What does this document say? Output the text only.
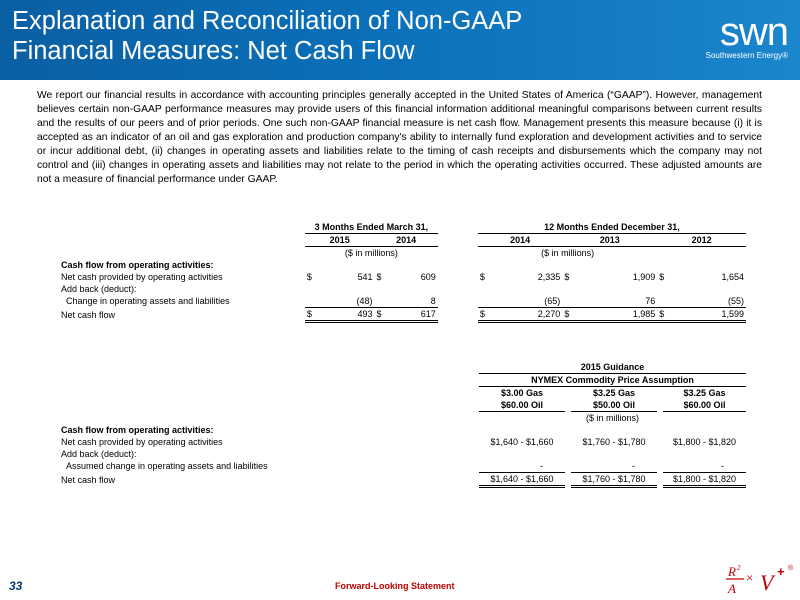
Explanation and Reconciliation of Non-GAAP
Financial Measures: Net Cash Flow	swn
Southwestern Energy®
We report our financial results in accordance with accounting principles generally accepted in the United States of America (“GAAP”). However, management believes certain non-GAAP performance measures may provide users of this financial information additional meaningful comparisons between current results and the results of our peers and of prior periods. One such non-GAAP financial measure is net cash flow. Management presents this measure because (i) it is accepted as an indicator of an oil and gas exploration and production company's ability to internally fund exploration and development activities and to service or incur additional debt, (ii) changes in operating assets and liabilities relate to the timing of cash receipts and disbursements which the company may not control and (iii) changes in operating assets and liabilities may not relate to the period in which the operating activities occurred. These adjusted amounts are not a measure of financial performance under GAAP.
	3 Months Ended March 31,					12 Months Ended December 31,					
	2015		2014			2014		2013		2012	
	($ in millions)					($ in millions)					
Cash flow from operating activities:											
Net cash provided by operating activities	$	541	$	609		$	2,335	$	1,909	$	1,654
Add back (deduct):											
Change in operating assets and liabilities		(48)		8			(65)		76		(55)
Net cash flow	$	493	$	617		$	2,270	$	1,985	$	1,599
	2015 Guidance				
	NYMEX Commodity Price Assumption				
	$3.00 Gas		$3.25 Gas		$3.25 Gas
	$60.00 Oil		$50.00 Oil		$60.00 Oil
	($ in millions)				
Cash flow from operating activities:					
Net cash provided by operating activities	$1,640 - $1,660		$1,760 - $1,780		$1,800 - $1,820
Add back (deduct):					
Assumed change in operating assets and liabilities	-		-		-
Net cash flow	$1,640 - $1,660		$1,760 - $1,780		$1,800 - $1,820
33	Forward-Looking Statement
R 2
A
× V + ®
